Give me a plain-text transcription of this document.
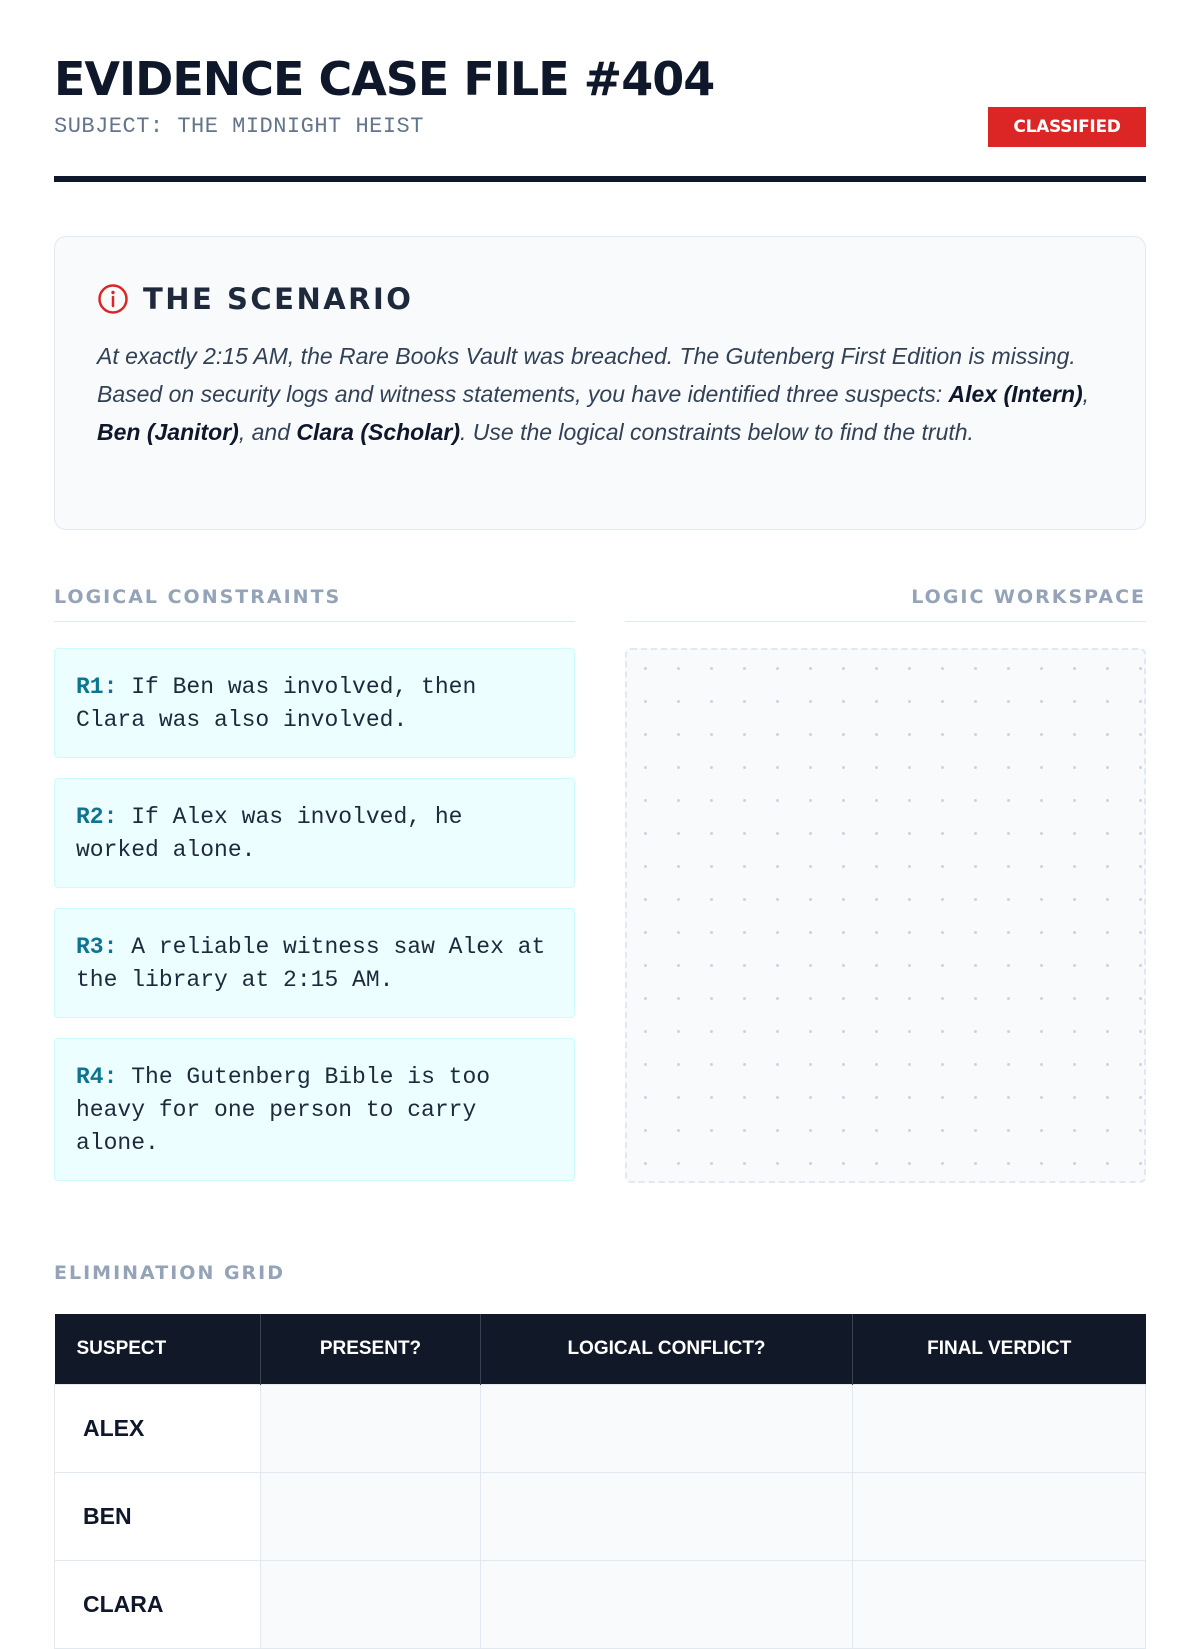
EVIDENCE CASE FILE #404
SUBJECT: THE MIDNIGHT HEIST	CLASSIFIED
THE SCENARIO

At exactly 2:15 AM, the Rare Books Vault was breached. The Gutenberg First Edition is missing. Based on security logs and witness statements, you have identified three suspects: Alex (Intern), Ben (Janitor), and Clara (Scholar). Use the logical constraints below to find the truth.

LOGICAL CONSTRAINTS
R1: If Ben was involved, then Clara was also involved.
R2: If Alex was involved, he worked alone.
R3: A reliable witness saw Alex at the library at 2:15 AM.
R4: The Gutenberg Bible is too heavy for one person to carry alone.
LOGIC WORKSPACE
ELIMINATION GRID
SUSPECT	PRESENT?	LOGICAL CONFLICT?	FINAL VERDICT
ALEX			
BEN			
CLARA			
